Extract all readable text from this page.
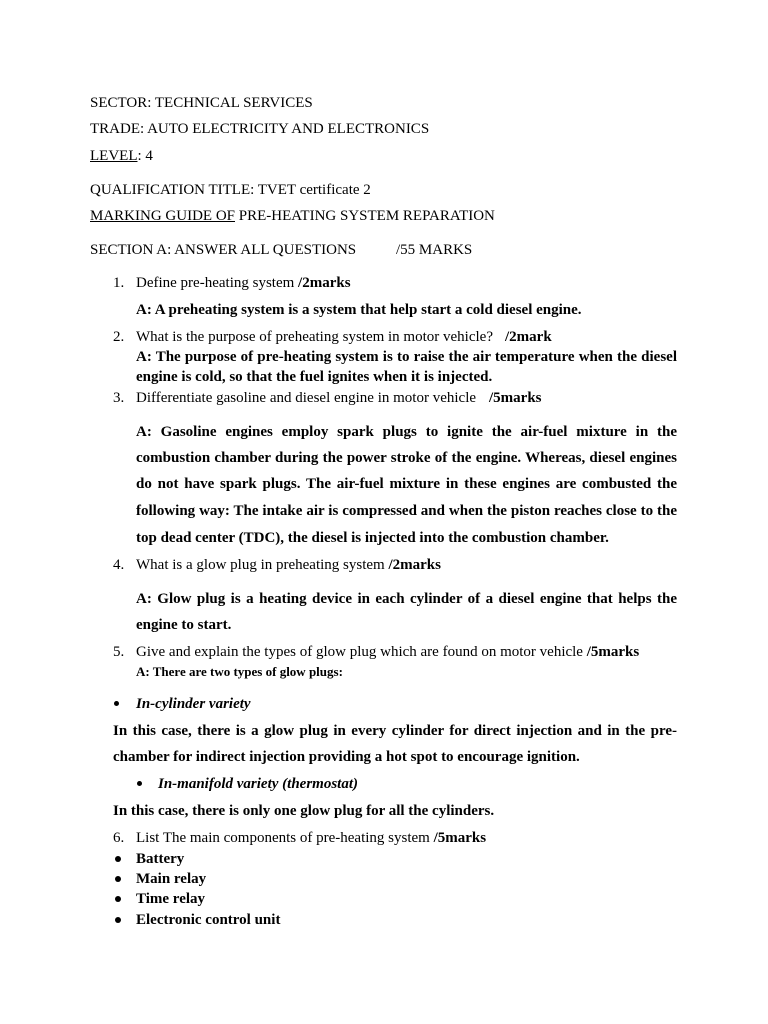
SECTOR: TECHNICAL SERVICES
TRADE: AUTO ELECTRICITY AND ELECTRONICS
LEVEL: 4
QUALIFICATION TITLE: TVET certificate 2
MARKING GUIDE OF PRE-HEATING SYSTEM REPARATION
SECTION A: ANSWER ALL QUESTIONS	/55 MARKS
1. Define pre-heating system /2marks
A: A preheating system is a system that help start a cold diesel engine.
2. What is the purpose of preheating system in motor vehicle? /2mark
A: The purpose of pre-heating system is to raise the air temperature when the diesel
engine is cold, so that the fuel ignites when it is injected.
3. Differentiate gasoline and diesel engine in motor vehicle /5marks
A: Gasoline engines employ spark plugs to ignite the air-fuel mixture in the
combustion chamber during the power stroke of the engine. Whereas, diesel engines
do not have spark plugs. The air-fuel mixture in these engines are combusted the
following way: The intake air is compressed and when the piston reaches close to the
top dead center (TDC), the diesel is injected into the combustion chamber.
4. What is a glow plug in preheating system /2marks
A: Glow plug is a heating device in each cylinder of a diesel engine that helps the
engine to start.
5. Give and explain the types of glow plug which are found on motor vehicle /5marks
A: There are two types of glow plugs:
In-cylinder variety
In this case, there is a glow plug in every cylinder for direct injection and in the pre-
chamber for indirect injection providing a hot spot to encourage ignition.
In-manifold variety (thermostat)
In this case, there is only one glow plug for all the cylinders.
6. List The main components of pre-heating system /5marks
Battery
Main relay
Time relay
Electronic control unit
